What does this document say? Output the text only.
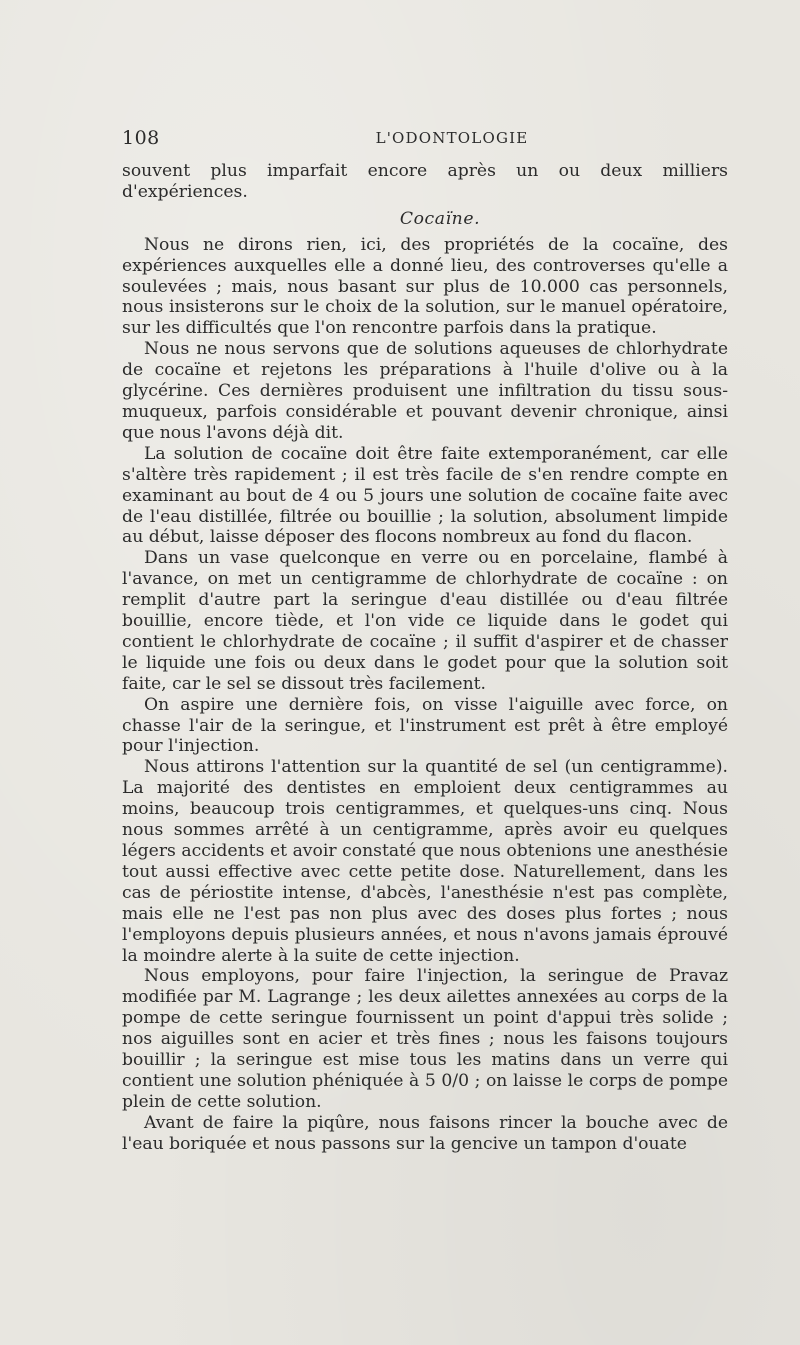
108	L'ODONTOLOGIE

souvent plus imparfait encore après un ou deux milliers d'expériences.

Cocaïne.

Nous ne dirons rien, ici, des propriétés de la cocaïne, des expériences auxquelles elle a donné lieu, des controverses qu'elle a soulevées ; mais, nous basant sur plus de 10.000 cas personnels, nous insisterons sur le choix de la solution, sur le manuel opératoire, sur les difficultés que l'on rencontre parfois dans la pratique.

Nous ne nous servons que de solutions aqueuses de chlorhydrate de cocaïne et rejetons les préparations à l'huile d'olive ou à la glycérine. Ces dernières produisent une infiltration du tissu sous-muqueux, parfois considérable et pouvant devenir chronique, ainsi que nous l'avons déjà dit.

La solution de cocaïne doit être faite extemporanément, car elle s'altère très rapidement ; il est très facile de s'en rendre compte en examinant au bout de 4 ou 5 jours une solution de cocaïne faite avec de l'eau distillée, filtrée ou bouillie ; la solution, absolument limpide au début, laisse déposer des flocons nombreux au fond du flacon.

Dans un vase quelconque en verre ou en porcelaine, flambé à l'avance, on met un centigramme de chlorhydrate de cocaïne : on remplit d'autre part la seringue d'eau distillée ou d'eau filtrée bouillie, encore tiède, et l'on vide ce liquide dans le godet qui contient le chlorhydrate de cocaïne ; il suffit d'aspirer et de chasser le liquide une fois ou deux dans le godet pour que la solution soit faite, car le sel se dissout très facilement.

On aspire une dernière fois, on visse l'aiguille avec force, on chasse l'air de la seringue, et l'instrument est prêt à être employé pour l'injection.

Nous attirons l'attention sur la quantité de sel (un centigramme). La majorité des dentistes en emploient deux centigrammes au moins, beaucoup trois centigrammes, et quelques-uns cinq. Nous nous sommes arrêté à un centigramme, après avoir eu quelques légers accidents et avoir constaté que nous obtenions une anesthésie tout aussi effective avec cette petite dose. Naturellement, dans les cas de périostite intense, d'abcès, l'anesthésie n'est pas complète, mais elle ne l'est pas non plus avec des doses plus fortes ; nous l'employons depuis plusieurs années, et nous n'avons jamais éprouvé la moindre alerte à la suite de cette injection.

Nous employons, pour faire l'injection, la seringue de Pravaz modifiée par M. Lagrange ; les deux ailettes annexées au corps de la pompe de cette seringue fournissent un point d'appui très solide ; nos aiguilles sont en acier et très fines ; nous les faisons toujours bouillir ; la seringue est mise tous les matins dans un verre qui contient une solution phéniquée à 5 0/0 ; on laisse le corps de pompe plein de cette solution.

Avant de faire la piqûre, nous faisons rincer la bouche avec de l'eau boriquée et nous passons sur la gencive un tampon d'ouate
